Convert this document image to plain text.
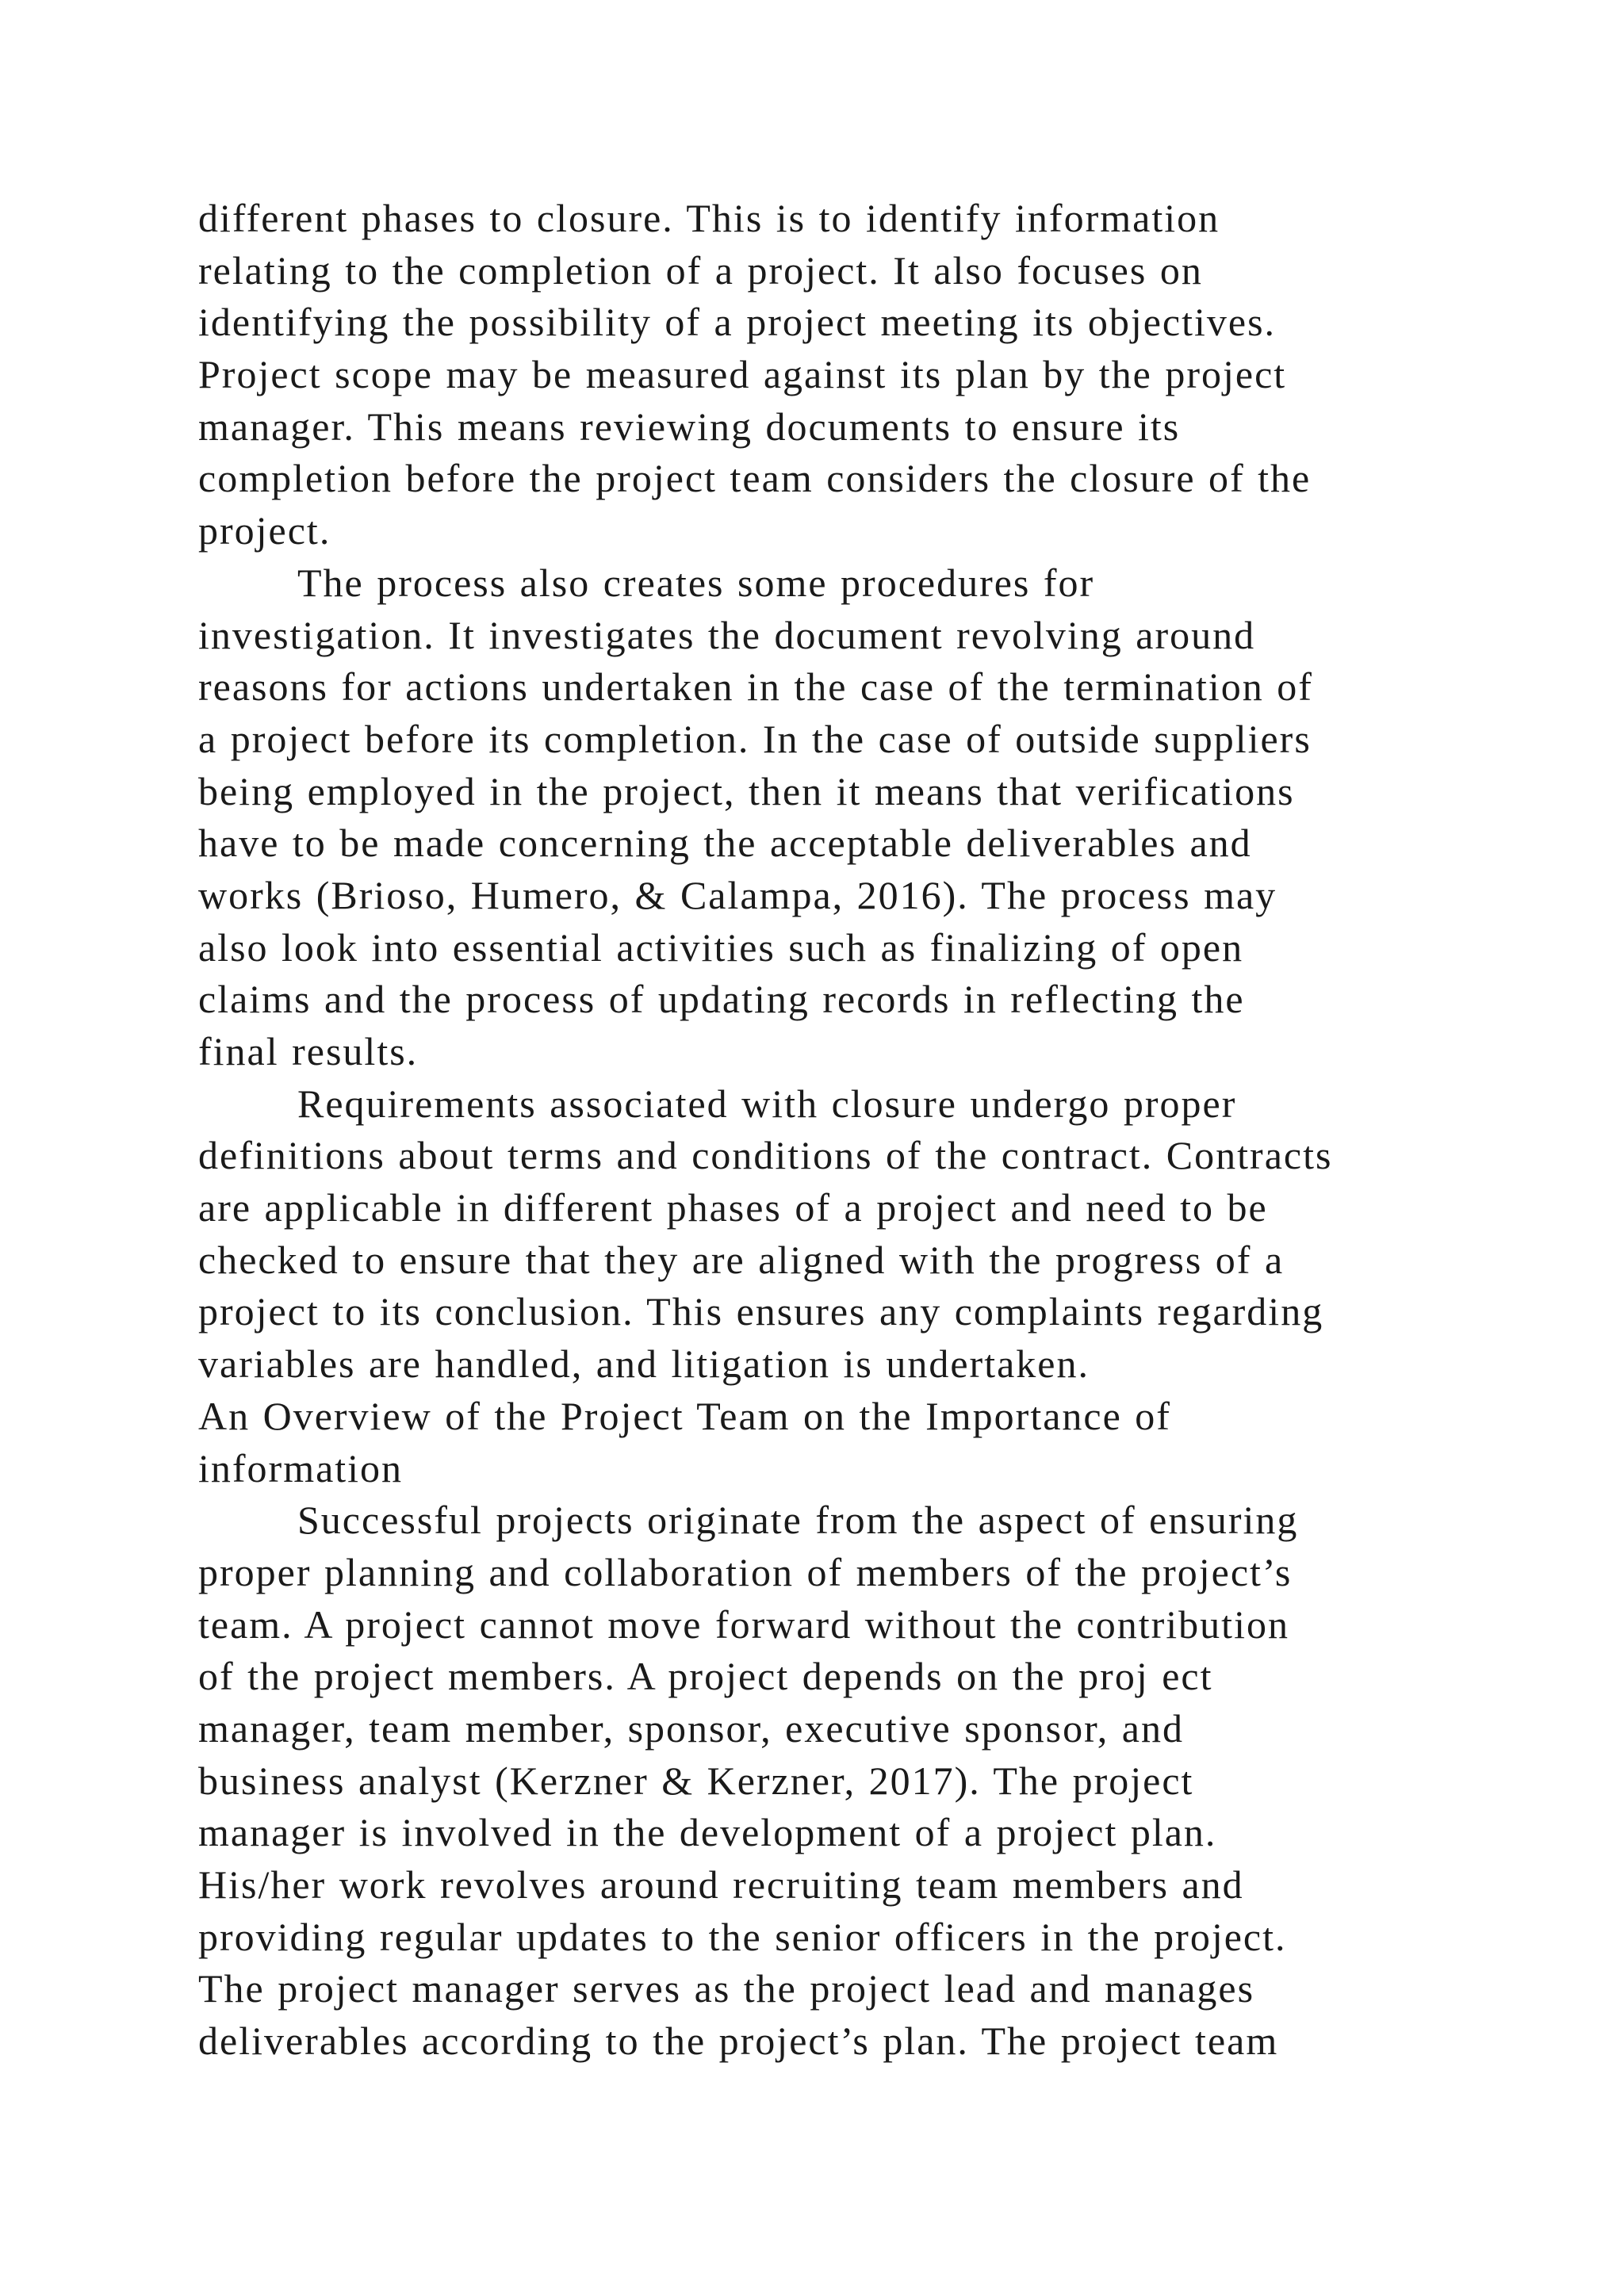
different phases to closure. This is to identify information
relating to the completion of a project. It also focuses on
identifying the possibility of a project meeting its objectives.
Project scope may be measured against its plan by the project
manager. This means reviewing documents to ensure its
completion before the project team considers the closure of the
project.
The process also creates some procedures for
investigation. It investigates the document revolving around
reasons for actions undertaken in the case of the termination of
a project before its completion. In the case of outside suppliers
being employed in the project, then it means that verifications
have to be made concerning the acceptable deliverables and
works (Brioso, Humero, & Calampa, 2016). The process may
also look into essential activities such as finalizing of open
claims and the process of updating records in reflecting the
final results.
Requirements associated with closure undergo proper
definitions about terms and conditions of the contract. Contracts
are applicable in different phases of a project and need to be
checked to ensure that they are aligned with the progress of a
project to its conclusion. This ensures any complaints regarding
variables are handled, and litigation is undertaken.
An Overview of the Project Team on the Importance of
information
Successful projects originate from the aspect of ensuring
proper planning and collaboration of members of the project’s
team. A project cannot move forward without the contribution
of the project members. A project depends on the proj ect
manager, team member, sponsor, executive sponsor, and
business analyst (Kerzner & Kerzner, 2017). The project
manager is involved in the development of a project plan.
His/her work revolves around recruiting team members and
providing regular updates to the senior officers in the project.
The project manager serves as the project lead and manages
deliverables according to the project’s plan. The project team
